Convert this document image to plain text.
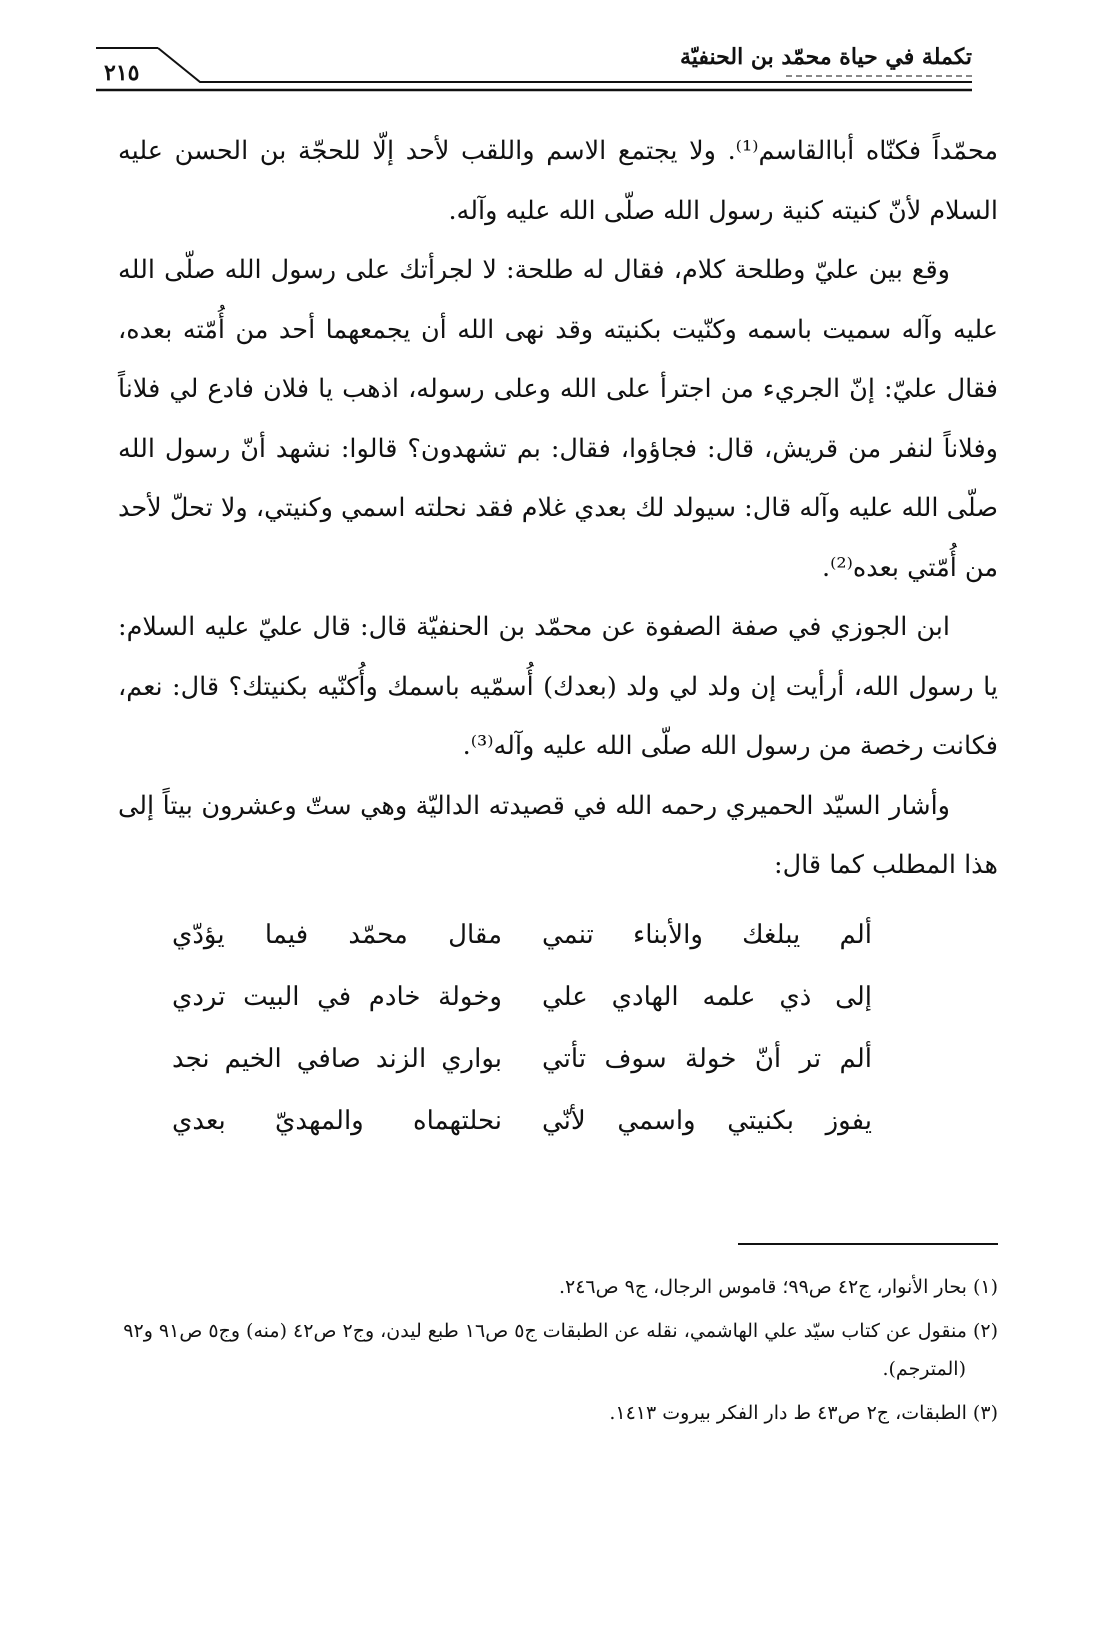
تكملة في حياة محمّد بن الحنفيّة
٢١٥

محمّداً فكنّاه أباالقاسم⁽¹⁾. ولا يجتمع الاسم واللقب لأحد إلّا للحجّة بن الحسن عليه السلام لأنّ كنيته كنية رسول الله صلّى الله عليه وآله.

وقع بين عليّ وطلحة كلام، فقال له طلحة: لا لجرأتك على رسول الله صلّى الله عليه وآله سميت باسمه وكنّيت بكنيته وقد نهى الله أن يجمعهما أحد من أُمّته بعده، فقال عليّ: إنّ الجريء من اجترأ على الله وعلى رسوله، اذهب يا فلان فادع لي فلاناً وفلاناً لنفر من قريش، قال: فجاؤوا، فقال: بم تشهدون؟ قالوا: نشهد أنّ رسول الله صلّى الله عليه وآله قال: سيولد لك بعدي غلام فقد نحلته اسمي وكنيتي، ولا تحلّ لأحد من أُمّتي بعده⁽²⁾.

ابن الجوزي في صفة الصفوة عن محمّد بن الحنفيّة قال: قال عليّ عليه السلام: يا رسول الله، أرأيت إن ولد لي ولد (بعدك) أُسمّيه باسمك وأُكنّيه بكنيتك؟ قال: نعم، فكانت رخصة من رسول الله صلّى الله عليه وآله⁽³⁾.

وأشار السيّد الحميري رحمه الله في قصيدته الداليّة وهي ستّ وعشرون بيتاً إلى هذا المطلب كما قال:

ألم يبلغك والأبناء تنمي
مقال محمّد فيما يؤدّي
إلى ذي علمه الهادي علي
وخولة خادم في البيت تردي
ألم تر أنّ خولة سوف تأتي
بواري الزند صافي الخيم نجد
يفوز بكنيتي واسمي لأنّي
نحلتهماه والمهديّ بعدي

(١) بحار الأنوار، ج٤٢ ص٩٩؛ قاموس الرجال، ج٩ ص٢٤٦.

(٢) منقول عن كتاب سيّد علي الهاشمي، نقله عن الطبقات ج٥ ص١٦ طبع ليدن، وج٢ ص٤٢ (منه) وج٥ ص٩١ و٩٢ (المترجم).

(٣) الطبقات، ج٢ ص٤٣ ط دار الفكر بيروت ١٤١٣.
